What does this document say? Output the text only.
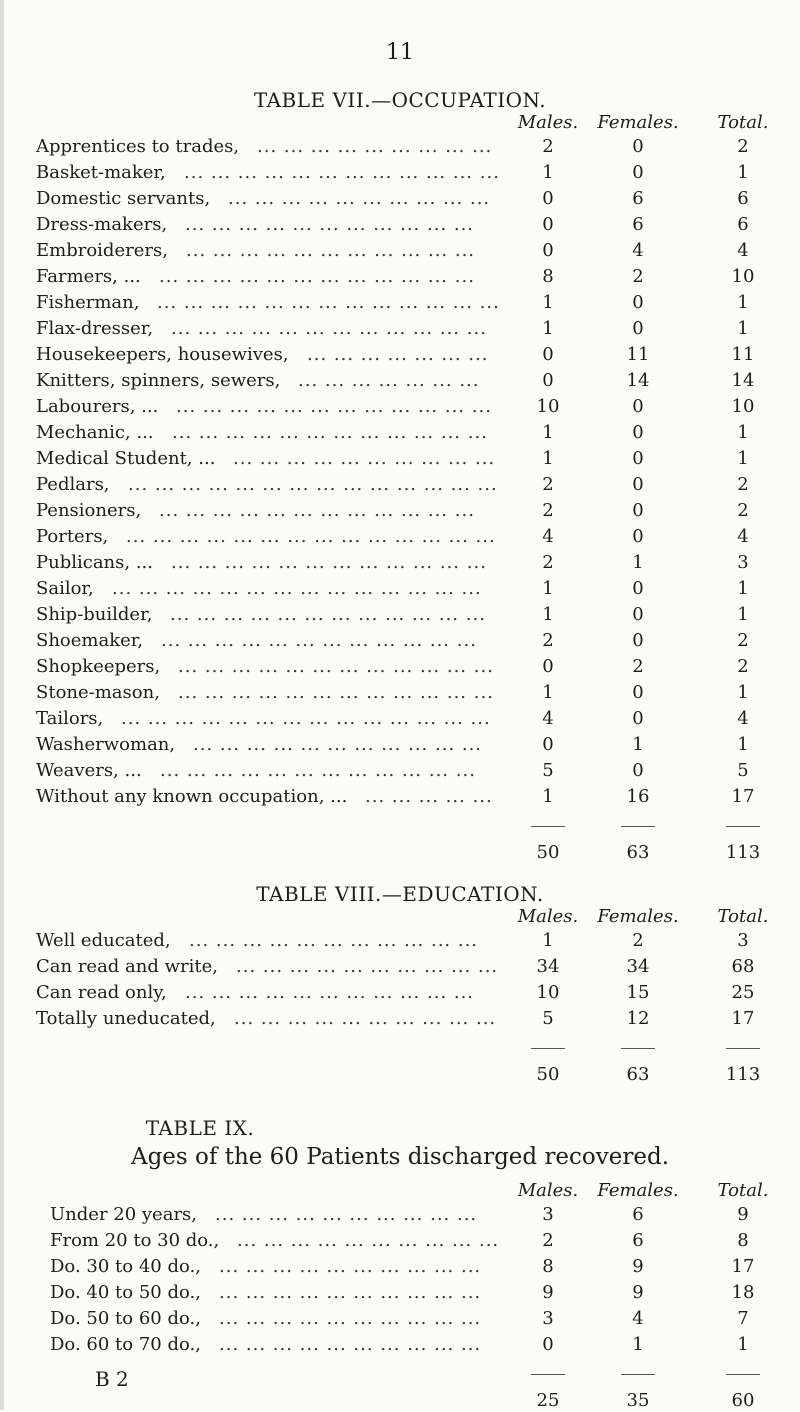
11
TABLE VII.—OCCUPATION.
Males.	Females.	Total.
Apprentices to trades, ... ... ... ... ... ... ... ... ...	2	0	2
Basket-maker, ... ... ... ... ... ... ... ... ... ... ... ...	1	0	1
Domestic servants, ... ... ... ... ... ... ... ... ... ...	0	6	6
Dress-makers, ... ... ... ... ... ... ... ... ... ... ...	0	6	6
Embroiderers, ... ... ... ... ... ... ... ... ... ... ...	0	4	4
Farmers, ... ... ... ... ... ... ... ... ... ... ... ... ...	8	2	10
Fisherman, ... ... ... ... ... ... ... ... ... ... ... ... ...	1	0	1
Flax-dresser, ... ... ... ... ... ... ... ... ... ... ... ...	1	0	1
Housekeepers, housewives, ... ... ... ... ... ... ...	0	11	11
Knitters, spinners, sewers, ... ... ... ... ... ... ...	0	14	14
Labourers, ... ... ... ... ... ... ... ... ... ... ... ... ...	10	0	10
Mechanic, ... ... ... ... ... ... ... ... ... ... ... ... ...	1	0	1
Medical Student, ... ... ... ... ... ... ... ... ... ... ...	1	0	1
Pedlars, ... ... ... ... ... ... ... ... ... ... ... ... ... ...	2	0	2
Pensioners, ... ... ... ... ... ... ... ... ... ... ... ...	2	0	2
Porters, ... ... ... ... ... ... ... ... ... ... ... ... ... ...	4	0	4
Publicans, ... ... ... ... ... ... ... ... ... ... ... ... ...	2	1	3
Sailor, ... ... ... ... ... ... ... ... ... ... ... ... ... ...	1	0	1
Ship-builder, ... ... ... ... ... ... ... ... ... ... ... ...	1	0	1
Shoemaker, ... ... ... ... ... ... ... ... ... ... ... ...	2	0	2
Shopkeepers, ... ... ... ... ... ... ... ... ... ... ... ...	0	2	2
Stone-mason, ... ... ... ... ... ... ... ... ... ... ... ...	1	0	1
Tailors, ... ... ... ... ... ... ... ... ... ... ... ... ... ...	4	0	4
Washerwoman, ... ... ... ... ... ... ... ... ... ... ...	0	1	1
Weavers, ... ... ... ... ... ... ... ... ... ... ... ... ...	5	0	5
Without any known occupation, ... ... ... ... ... ...	1	16	17
50	63	113
TABLE VIII.—EDUCATION.
Males.	Females.	Total.
Well educated, ... ... ... ... ... ... ... ... ... ... ...	1	2	3
Can read and write, ... ... ... ... ... ... ... ... ... ...	34	34	68
Can read only, ... ... ... ... ... ... ... ... ... ... ...	10	15	25
Totally uneducated, ... ... ... ... ... ... ... ... ... ...	5	12	17
50	63	113
TABLE IX.
Ages of the 60 Patients discharged recovered.
Males.	Females.	Total.
Under 20 years, ... ... ... ... ... ... ... ... ... ...	3	6	9
From 20 to 30 do., ... ... ... ... ... ... ... ... ... ...	2	6	8
Do. 30 to 40 do., ... ... ... ... ... ... ... ... ... ...	8	9	17
Do. 40 to 50 do., ... ... ... ... ... ... ... ... ... ...	9	9	18
Do. 50 to 60 do., ... ... ... ... ... ... ... ... ... ...	3	4	7
Do. 60 to 70 do., ... ... ... ... ... ... ... ... ... ...	0	1	1
25	35	60
B 2
